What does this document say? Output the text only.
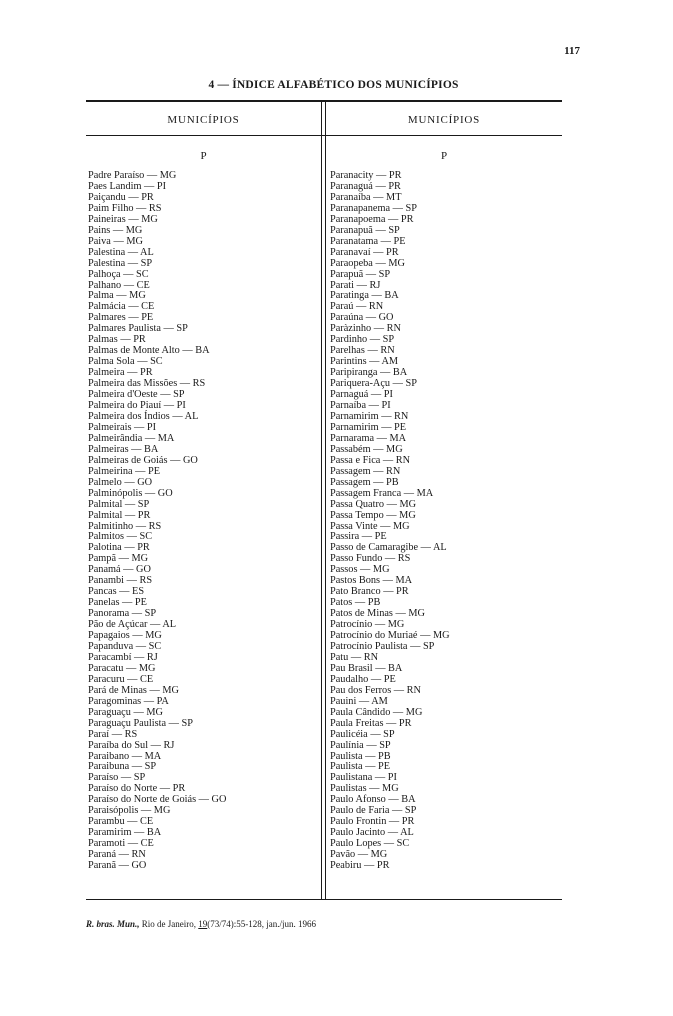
117
4 — ÍNDICE ALFABÉTICO DOS MUNICÍPIOS
MUNICÍPIOS	MUNICÍPIOS
P	P
Padre Paraíso — MG
Paes Landim — PI
Paiçandu — PR
Paim Filho — RS
Paineiras — MG
Pains — MG
Paiva — MG
Palestina — AL
Palestina — SP
Palhoça — SC
Palhano — CE
Palma — MG
Palmácia — CE
Palmares — PE
Palmares Paulista — SP
Palmas — PR
Palmas de Monte Alto — BA
Palma Sola — SC
Palmeira — PR
Palmeira das Missões — RS
Palmeira d'Oeste — SP
Palmeira do Piauí — PI
Palmeira dos Índios — AL
Palmeirais — PI
Palmeirândia — MA
Palmeiras — BA
Palmeiras de Goiás — GO
Palmeirina — PE
Palmelo — GO
Palminópolis — GO
Palmital — SP
Palmital — PR
Palmitinho — RS
Palmitos — SC
Palotina — PR
Pampã — MG
Panamá — GO
Panambi — RS
Pancas — ES
Panelas — PE
Panorama — SP
Pão de Açúcar — AL
Papagaios — MG
Papanduva — SC
Paracambí — RJ
Paracatu — MG
Paracuru — CE
Pará de Minas — MG
Paragominas — PA
Paraguaçu — MG
Paraguaçu Paulista — SP
Paraí — RS
Paraíba do Sul — RJ
Paraibano — MA
Paraibuna — SP
Paraíso — SP
Paraíso do Norte — PR
Paraíso do Norte de Goiás — GO
Paraisópolis — MG
Parambu — CE
Paramirim — BA
Paramoti — CE
Paraná — RN
Paranã — GO
Paranacity — PR
Paranaguá — PR
Paranaíba — MT
Paranapanema — SP
Paranapoema — PR
Paranapuã — SP
Paranatama — PE
Paranavaí — PR
Paraopeba — MG
Parapuã — SP
Parati — RJ
Paratinga — BA
Paraú — RN
Paraúna — GO
Paràzinho — RN
Pardinho — SP
Parelhas — RN
Parintins — AM
Paripiranga — BA
Pariquera-Açu — SP
Parnaguá — PI
Parnaíba — PI
Parnamirim — RN
Parnamirim — PE
Parnarama — MA
Passabém — MG
Passa e Fica — RN
Passagem — RN
Passagem — PB
Passagem Franca — MA
Passa Quatro — MG
Passa Tempo — MG
Passa Vinte — MG
Passira — PE
Passo de Camaragibe — AL
Passo Fundo — RS
Passos — MG
Pastos Bons — MA
Pato Branco — PR
Patos — PB
Patos de Minas — MG
Patrocínio — MG
Patrocínio do Muriaé — MG
Patrocínio Paulista — SP
Patu — RN
Pau Brasil — BA
Paudalho — PE
Pau dos Ferros — RN
Pauini — AM
Paula Cândido — MG
Paula Freitas — PR
Paulicéia — SP
Paulínia — SP
Paulista — PB
Paulista — PE
Paulistana — PI
Paulistas — MG
Paulo Afonso — BA
Paulo de Faria — SP
Paulo Frontin — PR
Paulo Jacinto — AL
Paulo Lopes — SC
Pavão — MG
Peabiru — PR
R. bras. Mun., Rio de Janeiro, 19(73/74):55-128, jan./jun. 1966
